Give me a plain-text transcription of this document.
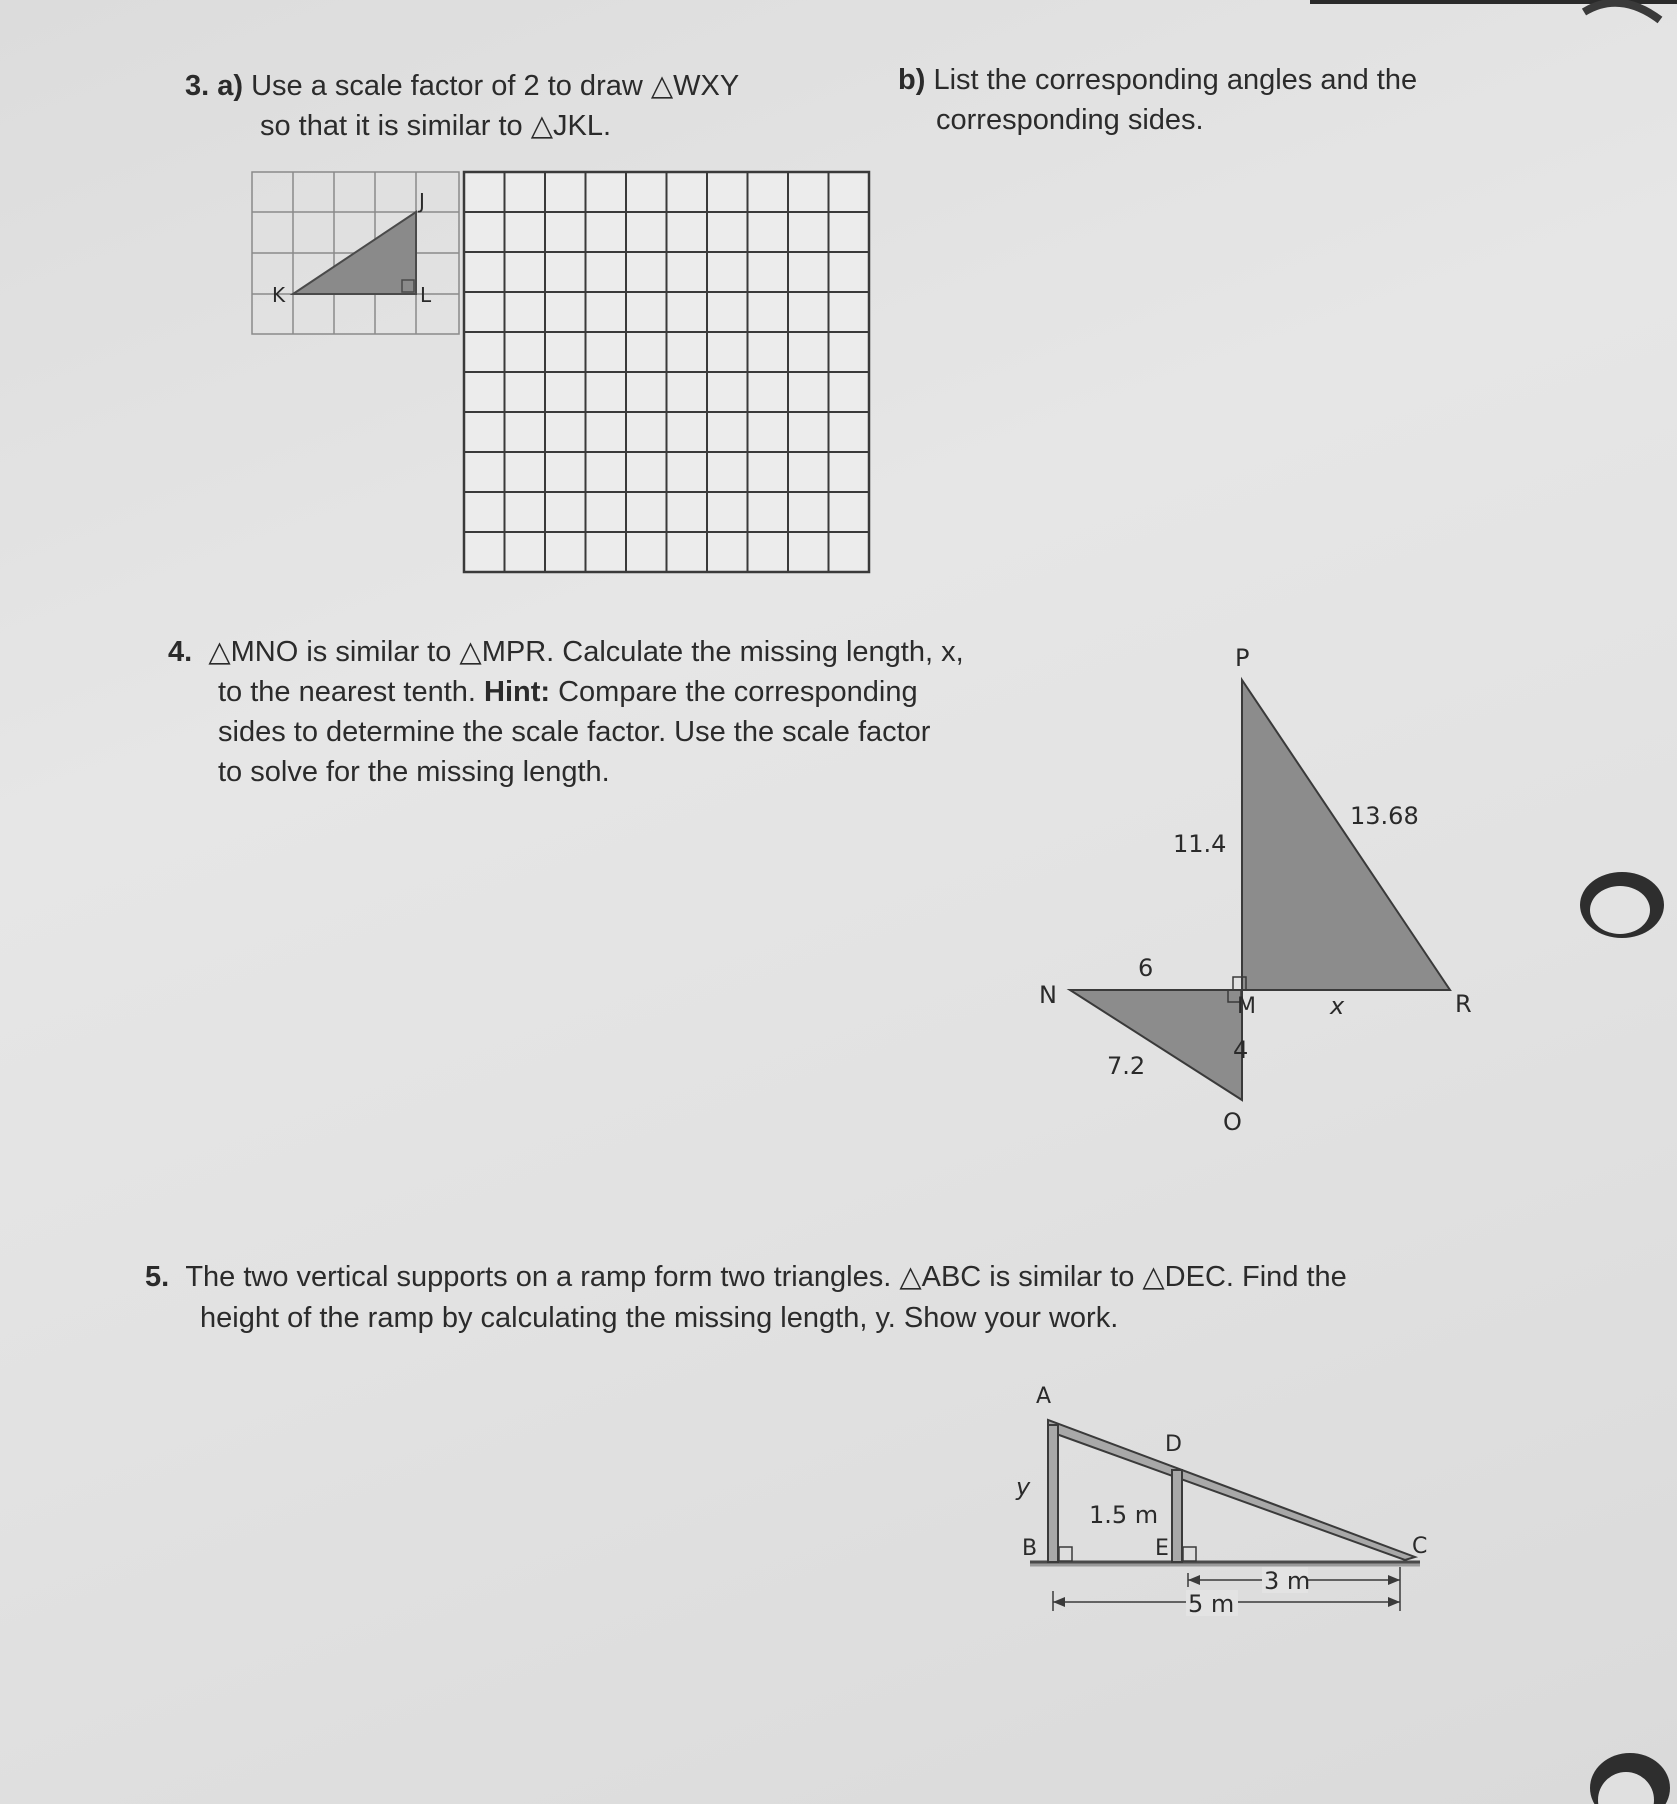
3. a) Use a scale factor of 2 to draw △WXY
so that it is similar to △JKL.
b) List the corresponding angles and the
corresponding sides.
J
K	L
4. △MNO is similar to △MPR. Calculate the missing length, x,
to the nearest tenth. Hint: Compare the corresponding
sides to determine the scale factor. Use the scale factor
to solve for the missing length.
P
R
M
N
O
11.4
13.68
6
7.2
4
x
5. The two vertical supports on a ramp form two triangles. △ABC is similar to △DEC. Find the
height of the ramp by calculating the missing length, y. Show your work.
3 m
5 m
A
D
B	E	C
y
1.5 m
